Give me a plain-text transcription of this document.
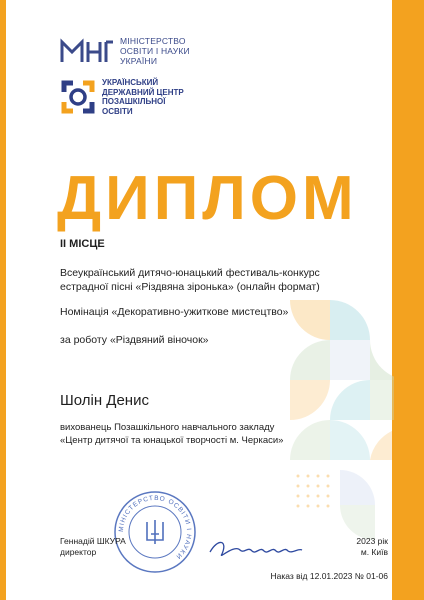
МІНІСТЕРСТВО
ОСВІТИ І НАУКИ
УКРАЇНИ
УКРАЇНСЬКИЙ
ДЕРЖАВНИЙ ЦЕНТР
ПОЗАШКІЛЬНОЇ
ОСВІТИ
ДИПЛОМ
ІІ МІСЦЕ
Всеукраїнський дитячо-юнацький фестиваль-конкурс
естрадної пісні «Різдвяна зіронька» (онлайн формат)
Номінація «Декоративно-ужиткове мистецтво»
за роботу «Різдвяний віночок»
Шолін Денис
вихованець Позашкільного навчального закладу
«Центр дитячої та юнацької творчості м. Черкаси»
МІНІСТЕРСТВО ОСВІТИ І НАУКИ
Геннадій ШКУРА
директор
2023 рік
м. Київ
Наказ від 12.01.2023 № 01-06
